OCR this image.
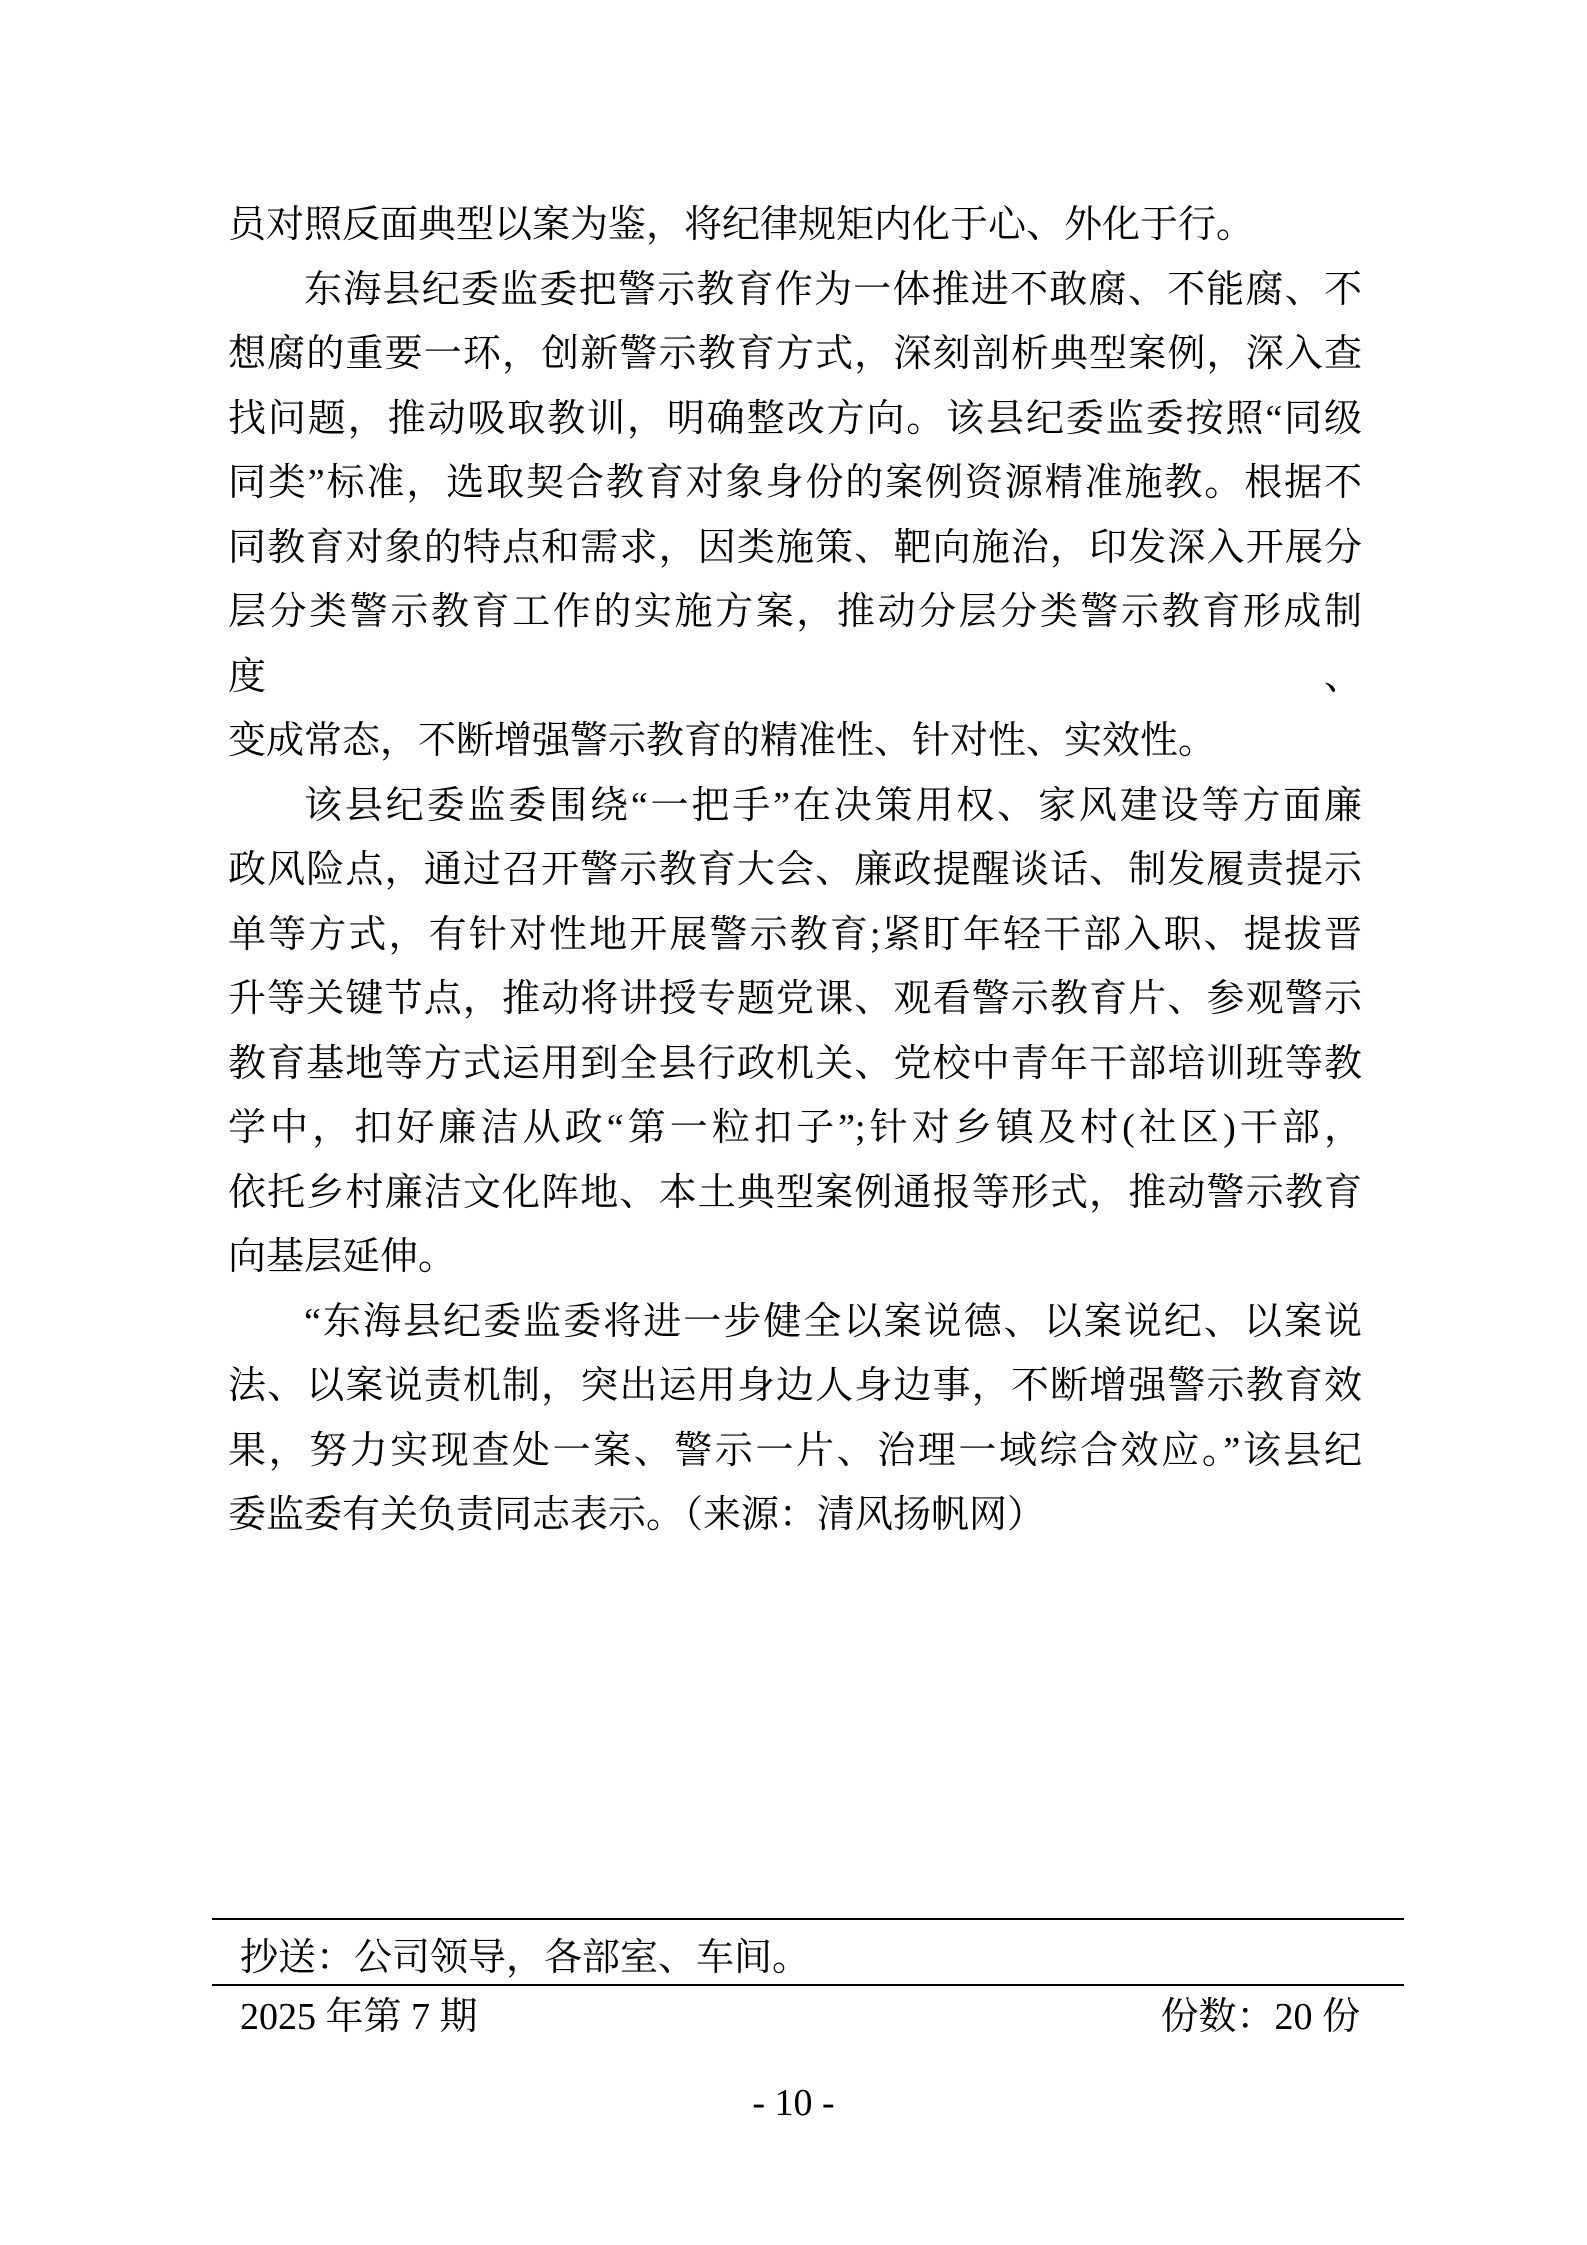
员对照反面典型以案为鉴，将纪律规矩内化于心、外化于行。
东海县纪委监委把警示教育作为一体推进不敢腐、不能腐、不
想腐的重要一环，创新警示教育方式，深刻剖析典型案例，深入查
找问题，推动吸取教训，明确整改方向。该县纪委监委按照“同级
同类”标准，选取契合教育对象身份的案例资源精准施教。根据不
同教育对象的特点和需求，因类施策、靶向施治，印发深入开展分
层分类警示教育工作的实施方案，推动分层分类警示教育形成制度、
变成常态，不断增强警示教育的精准性、针对性、实效性。
该县纪委监委围绕“一把手”在决策用权、家风建设等方面廉
政风险点，通过召开警示教育大会、廉政提醒谈话、制发履责提示
单等方式，有针对性地开展警示教育;紧盯年轻干部入职、提拔晋
升等关键节点，推动将讲授专题党课、观看警示教育片、参观警示
教育基地等方式运用到全县行政机关、党校中青年干部培训班等教
学中，扣好廉洁从政“第一粒扣子”;针对乡镇及村(社区)干部，
依托乡村廉洁文化阵地、本土典型案例通报等形式，推动警示教育
向基层延伸。
“东海县纪委监委将进一步健全以案说德、以案说纪、以案说
法、以案说责机制，突出运用身边人身边事，不断增强警示教育效
果，努力实现查处一案、警示一片、治理一域综合效应。”该县纪
委监委有关负责同志表示。（来源：清风扬帆网）
抄送：公司领导，各部室、车间。
2025 年第 7 期	份数：20 份
- 10 -
